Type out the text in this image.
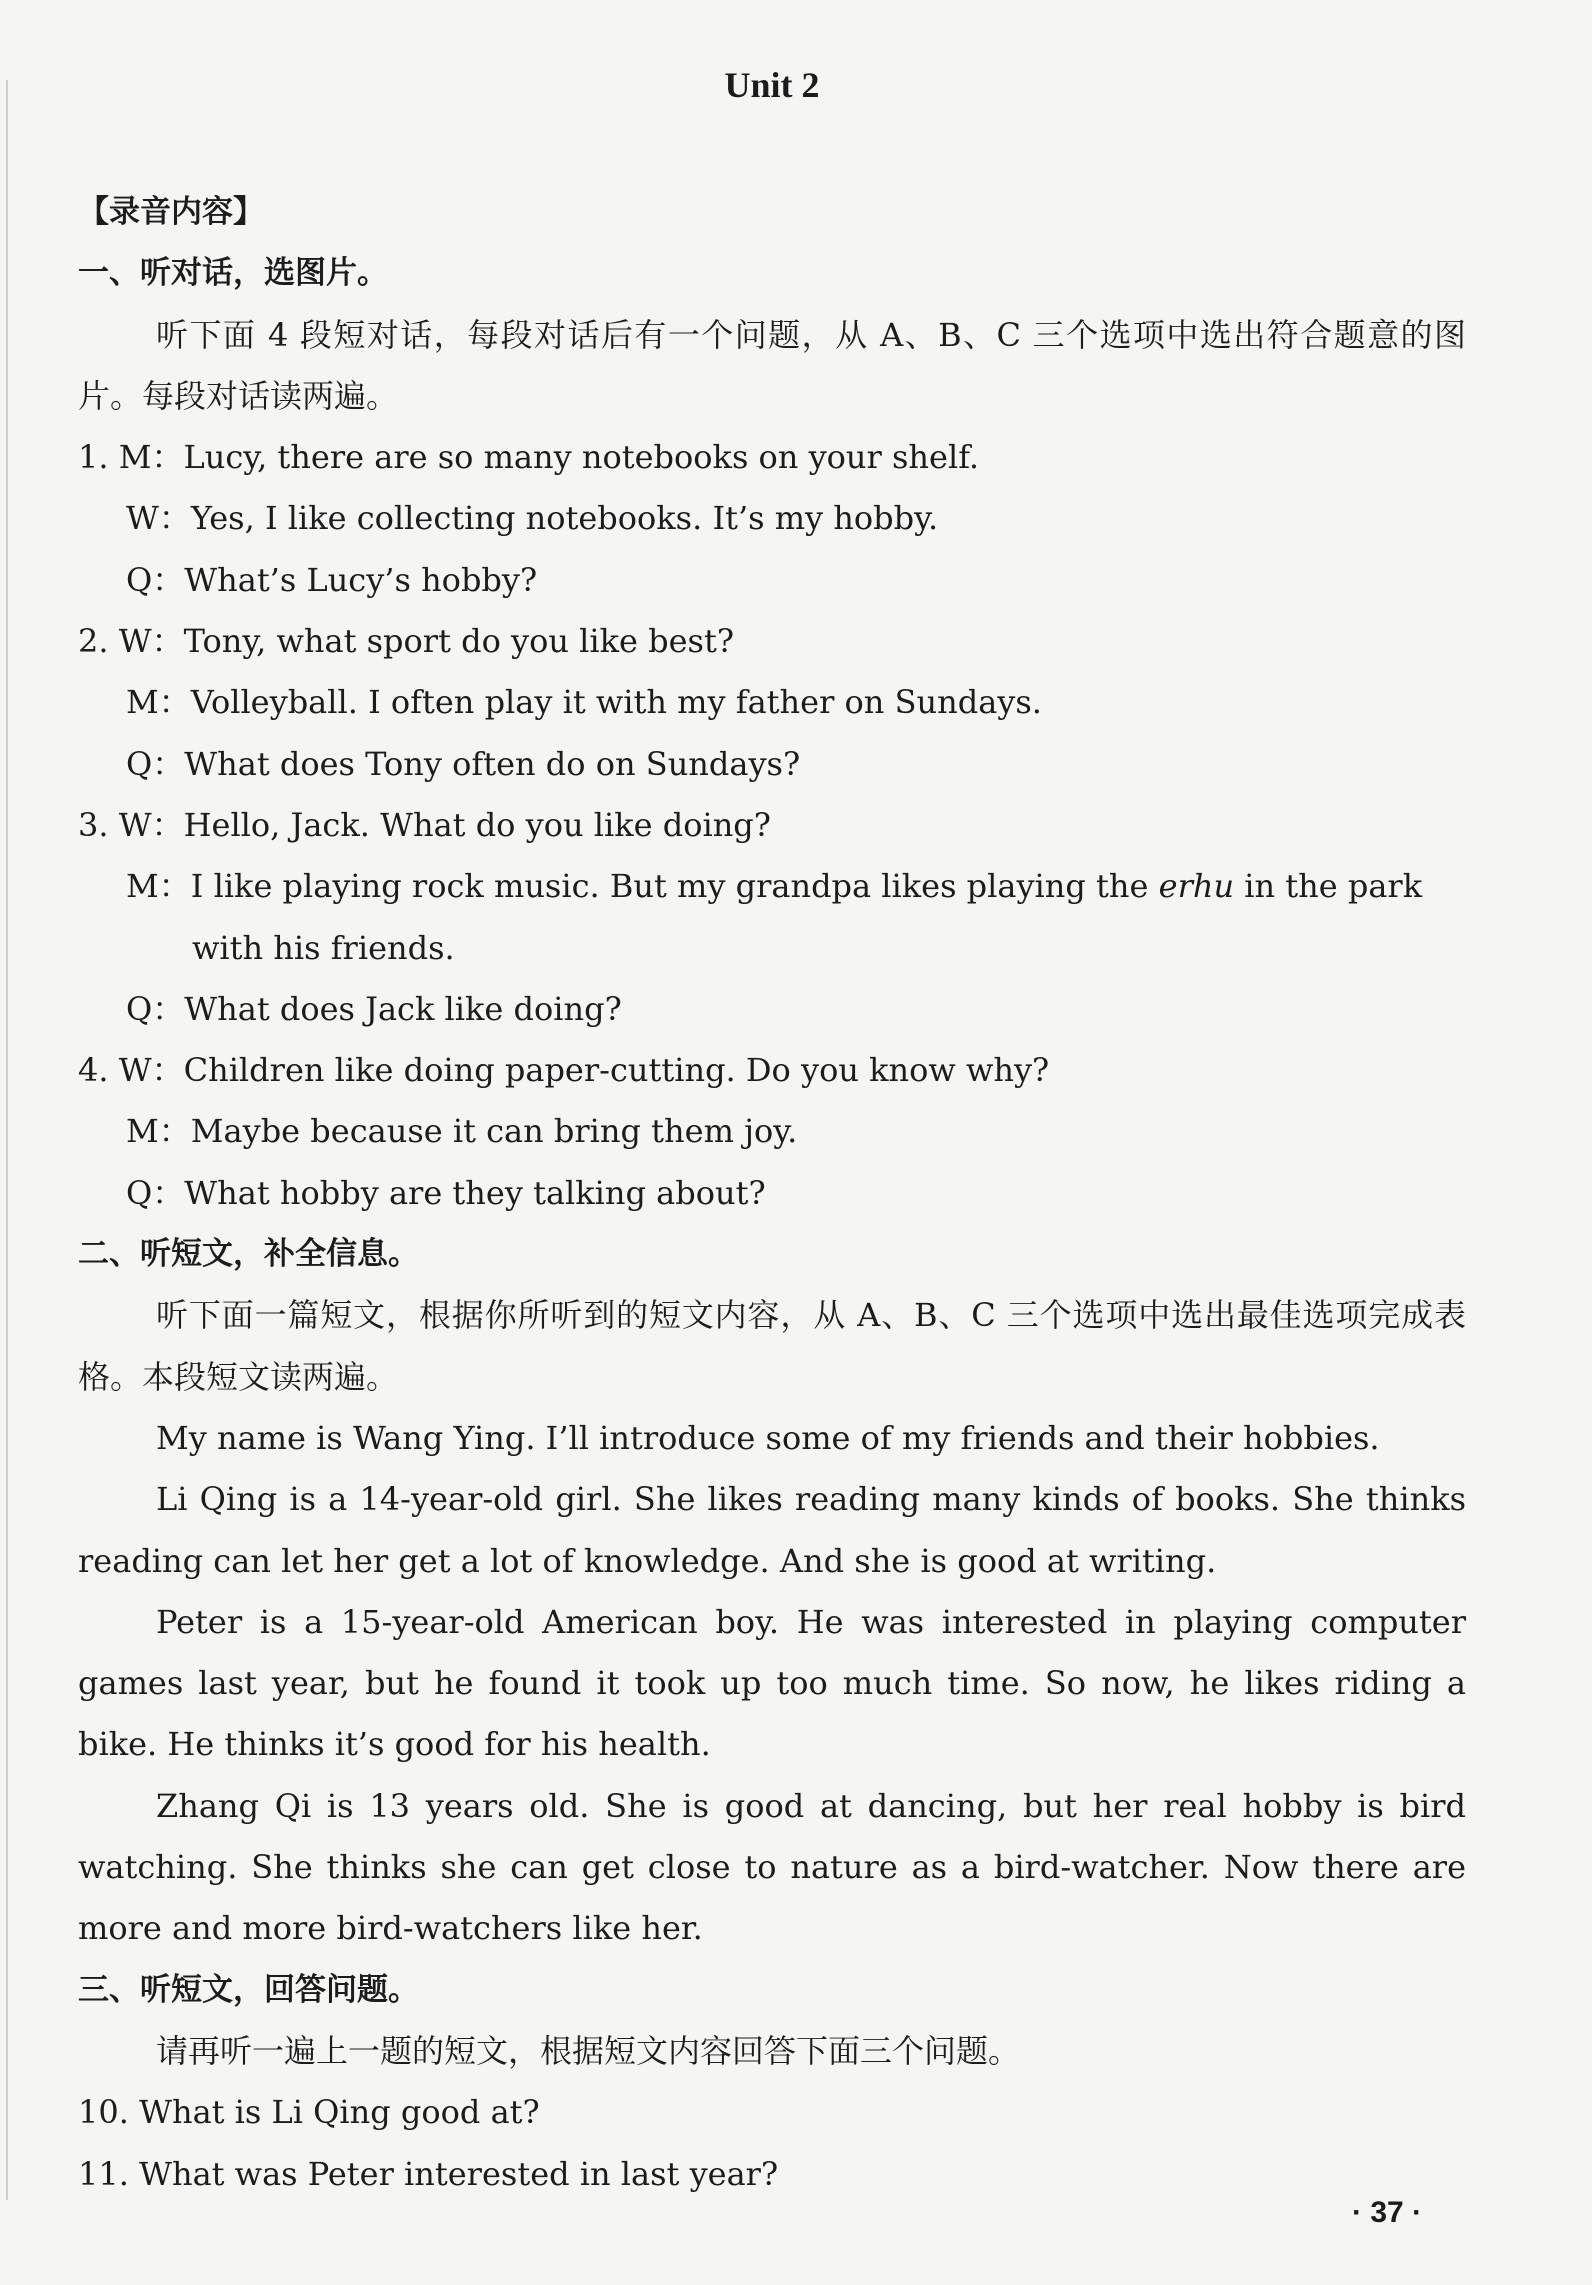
Unit 2
【录音内容】
一、听对话，选图片。
听下面 4 段短对话，每段对话后有一个问题，从 A、B、C 三个选项中选出符合题意的图片。每段对话读两遍。
1. M：Lucy, there are so many notebooks on your shelf.
W：Yes, I like collecting notebooks. It’s my hobby.
Q：What’s Lucy’s hobby?
2. W：Tony, what sport do you like best?
M：Volleyball. I often play it with my father on Sundays.
Q：What does Tony often do on Sundays?
3. W：Hello, Jack. What do you like doing?
M：I like playing rock music. But my grandpa likes playing the erhu in the park
with his friends.
Q：What does Jack like doing?
4. W：Children like doing paper-cutting. Do you know why?
M：Maybe because it can bring them joy.
Q：What hobby are they talking about?
二、听短文，补全信息。
听下面一篇短文，根据你所听到的短文内容，从 A、B、C 三个选项中选出最佳选项完成表格。本段短文读两遍。
My name is Wang Ying. I’ll introduce some of my friends and their hobbies.
Li Qing is a 14-year-old girl. She likes reading many kinds of books. She thinks reading can let her get a lot of knowledge. And she is good at writing.
Peter is a 15-year-old American boy. He was interested in playing computer games last year, but he found it took up too much time. So now, he likes riding a bike. He thinks it’s good for his health.
Zhang Qi is 13 years old. She is good at dancing, but her real hobby is bird watching. She thinks she can get close to nature as a bird-watcher. Now there are more and more bird-watchers like her.
三、听短文，回答问题。
请再听一遍上一题的短文，根据短文内容回答下面三个问题。
10. What is Li Qing good at?
11. What was Peter interested in last year?
· 37 ·
